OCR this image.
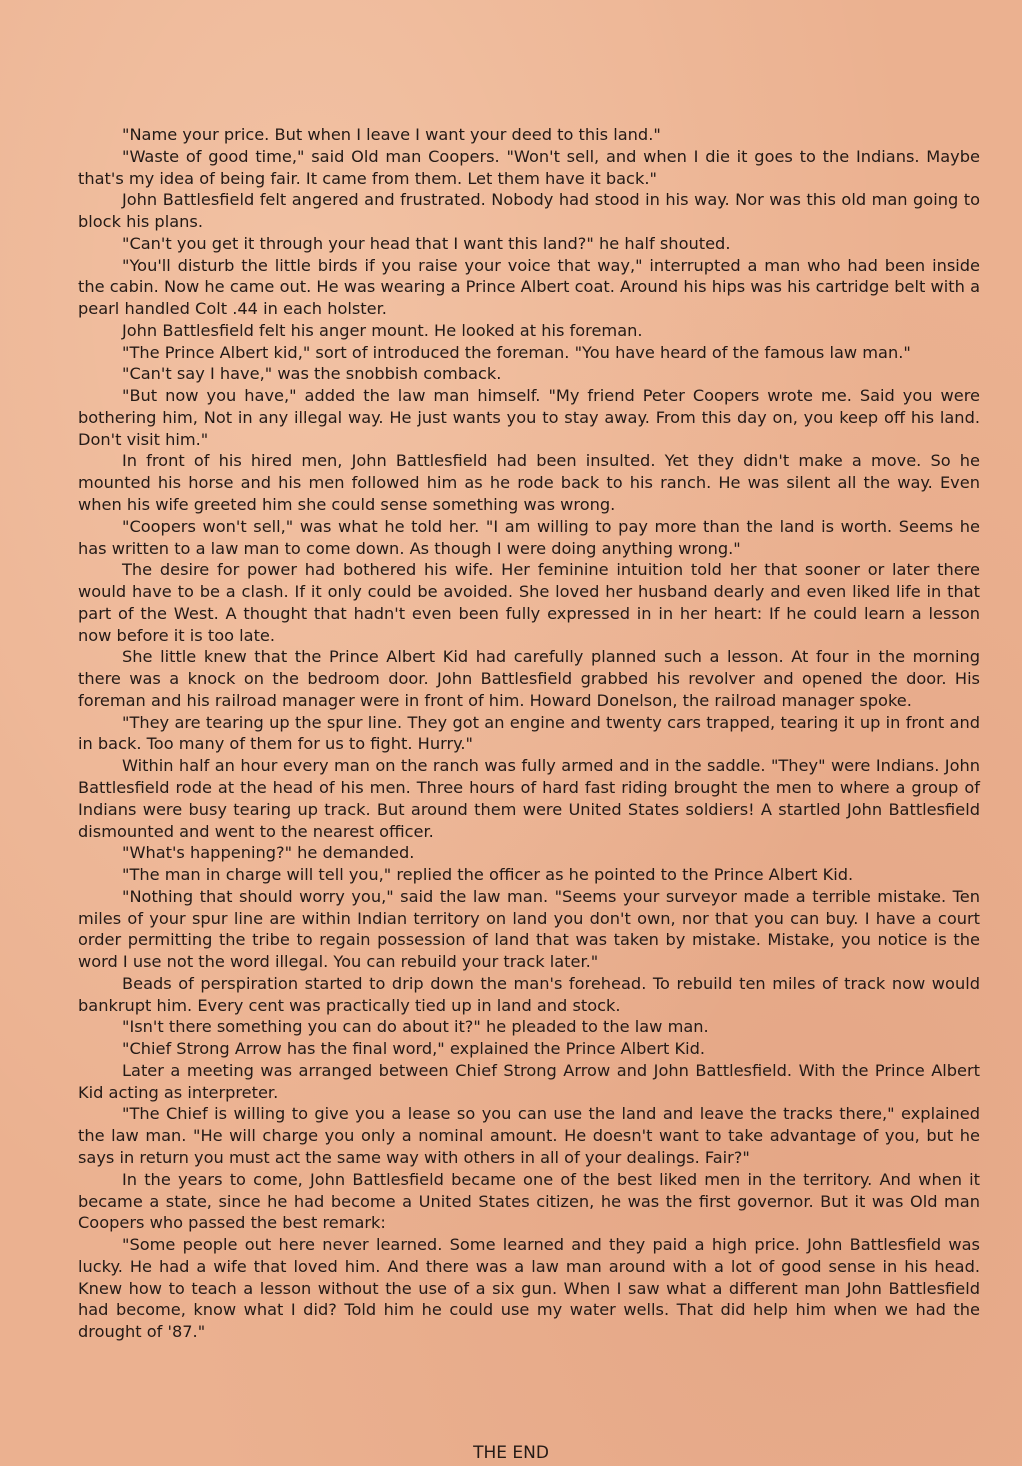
"Name your price. But when I leave I want your deed to this land."

"Waste of good time," said Old man Coopers. "Won't sell, and when I die it goes to the Indians. Maybe that's my idea of being fair. It came from them. Let them have it back."

John Battlesfield felt angered and frustrated. Nobody had stood in his way. Nor was this old man going to block his plans.

"Can't you get it through your head that I want this land?" he half shouted.

"You'll disturb the little birds if you raise your voice that way," interrupted a man who had been inside the cabin. Now he came out. He was wearing a Prince Albert coat. Around his hips was his cartridge belt with a pearl handled Colt .44 in each holster.

John Battlesfield felt his anger mount. He looked at his foreman.

"The Prince Albert kid," sort of introduced the foreman. "You have heard of the famous law man."

"Can't say I have," was the snobbish comback.

"But now you have," added the law man himself. "My friend Peter Coopers wrote me. Said you were bothering him, Not in any illegal way. He just wants you to stay away. From this day on, you keep off his land. Don't visit him."

In front of his hired men, John Battlesfield had been insulted. Yet they didn't make a move. So he mounted his horse and his men followed him as he rode back to his ranch. He was silent all the way. Even when his wife greeted him she could sense something was wrong.

"Coopers won't sell," was what he told her. "I am willing to pay more than the land is worth. Seems he has written to a law man to come down. As though I were doing anything wrong."

The desire for power had bothered his wife. Her feminine intuition told her that sooner or later there would have to be a clash. If it only could be avoided. She loved her husband dearly and even liked life in that part of the West. A thought that hadn't even been fully expressed in in her heart: If he could learn a lesson now before it is too late.

She little knew that the Prince Albert Kid had carefully planned such a lesson. At four in the morning there was a knock on the bedroom door. John Battlesfield grabbed his revolver and opened the door. His foreman and his railroad manager were in front of him. Howard Donelson, the railroad manager spoke.

"They are tearing up the spur line. They got an engine and twenty cars trapped, tearing it up in front and in back. Too many of them for us to fight. Hurry."

Within half an hour every man on the ranch was fully armed and in the saddle. "They" were Indians. John Battlesfield rode at the head of his men. Three hours of hard fast riding brought the men to where a group of Indians were busy tearing up track. But around them were United States soldiers! A startled John Battlesfield dismounted and went to the nearest officer.

"What's happening?" he demanded.

"The man in charge will tell you," replied the officer as he pointed to the Prince Albert Kid.

"Nothing that should worry you," said the law man. "Seems your surveyor made a terrible mistake. Ten miles of your spur line are within Indian territory on land you don't own, nor that you can buy. I have a court order permitting the tribe to regain possession of land that was taken by mistake. Mistake, you notice is the word I use not the word illegal. You can rebuild your track later."

Beads of perspiration started to drip down the man's forehead. To rebuild ten miles of track now would bankrupt him. Every cent was practically tied up in land and stock.

"Isn't there something you can do about it?" he pleaded to the law man.

"Chief Strong Arrow has the final word," explained the Prince Albert Kid.

Later a meeting was arranged between Chief Strong Arrow and John Battlesfield. With the Prince Albert Kid acting as interpreter.

"The Chief is willing to give you a lease so you can use the land and leave the tracks there," explained the law man. "He will charge you only a nominal amount. He doesn't want to take advantage of you, but he says in return you must act the same way with others in all of your dealings. Fair?"

In the years to come, John Battlesfield became one of the best liked men in the territory. And when it became a state, since he had become a United States citizen, he was the first governor. But it was Old man Coopers who passed the best remark:

"Some people out here never learned. Some learned and they paid a high price. John Battlesfield was lucky. He had a wife that loved him. And there was a law man around with a lot of good sense in his head. Knew how to teach a lesson without the use of a six gun. When I saw what a different man John Battlesfield had become, know what I did? Told him he could use my water wells. That did help him when we had the drought of '87."

THE END
